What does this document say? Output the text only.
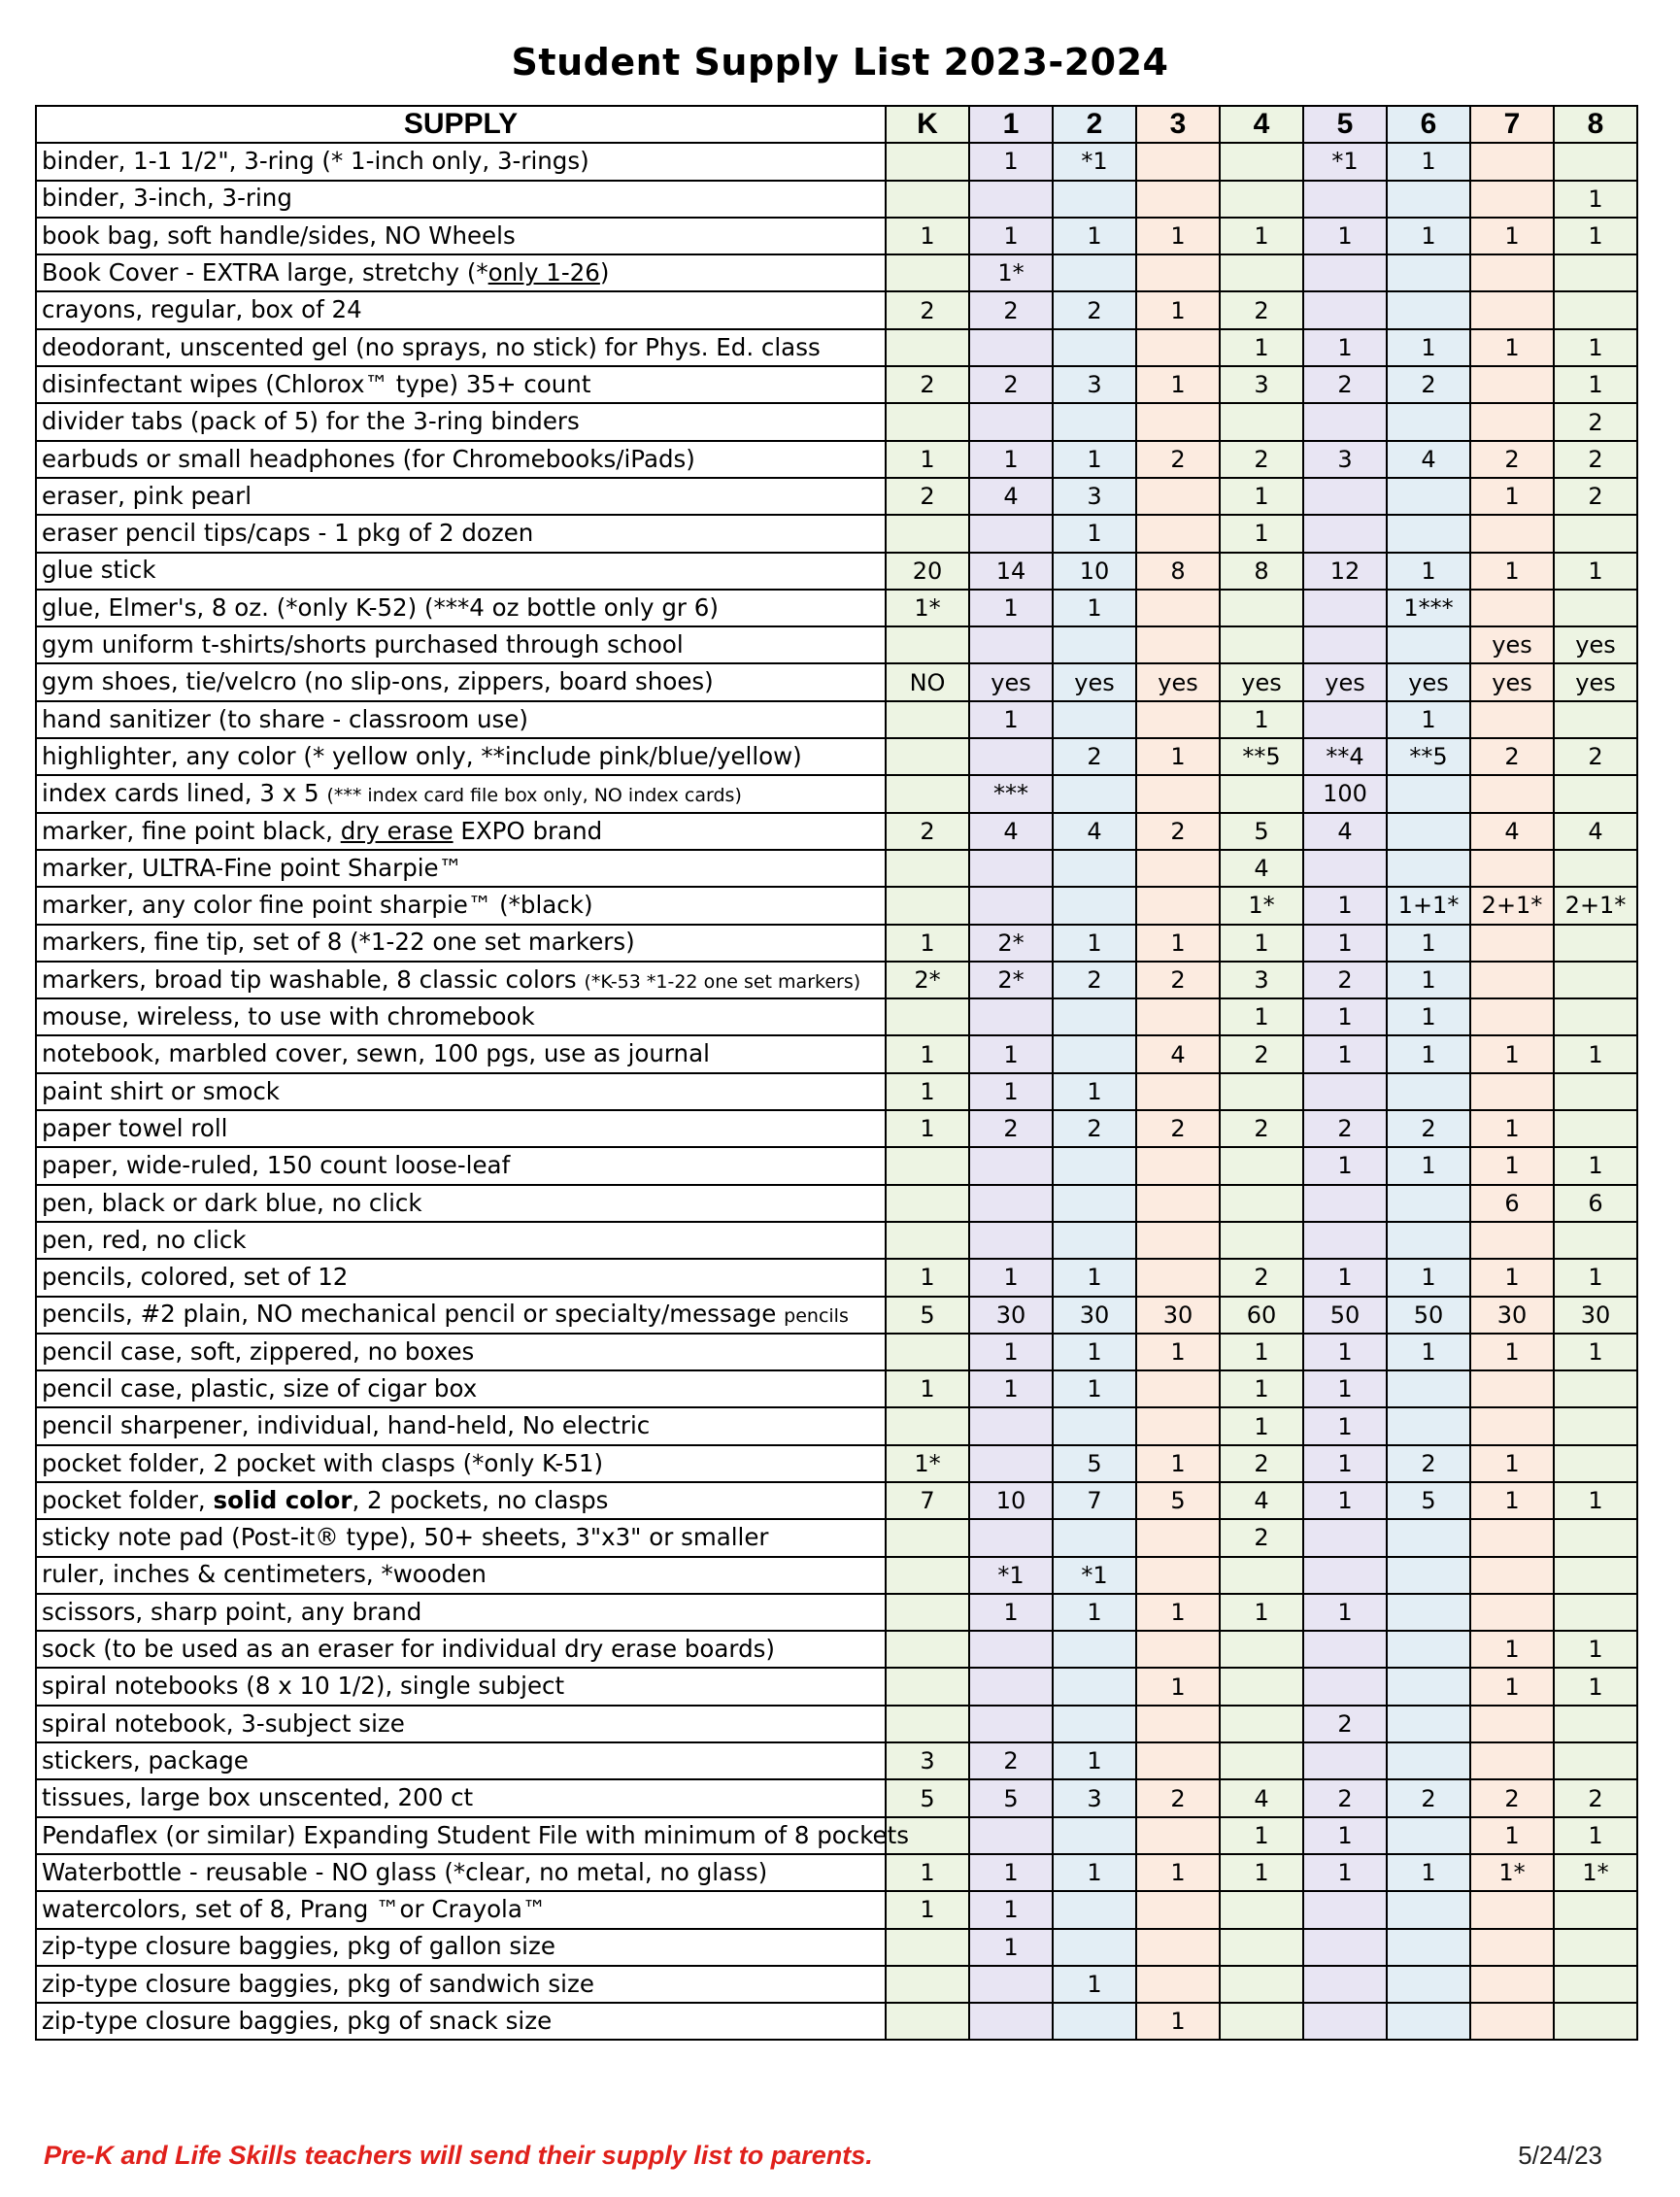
Student Supply List 2023-2024
SUPPLY	K	1	2	3	4	5	6	7	8
binder, 1-1 1/2", 3-ring (* 1-inch only, 3-rings)		1	*1			*1	1		
binder, 3-inch, 3-ring									1
book bag, soft handle/sides, NO Wheels	1	1	1	1	1	1	1	1	1
Book Cover - EXTRA large, stretchy (*only 1-26)		1*							
crayons, regular, box of 24	2	2	2	1	2				
deodorant, unscented gel (no sprays, no stick) for Phys. Ed. class					1	1	1	1	1
disinfectant wipes (Chlorox™ type) 35+ count	2	2	3	1	3	2	2		1
divider tabs (pack of 5) for the 3-ring binders									2
earbuds or small headphones (for Chromebooks/iPads)	1	1	1	2	2	3	4	2	2
eraser, pink pearl	2	4	3		1			1	2
eraser pencil tips/caps - 1 pkg of 2 dozen			1		1				
glue stick	20	14	10	8	8	12	1	1	1
glue, Elmer's, 8 oz. (*only K-52) (***4 oz bottle only gr 6)	1*	1	1				1***		
gym uniform t-shirts/shorts purchased through school								yes	yes
gym shoes, tie/velcro (no slip-ons, zippers, board shoes)	NO	yes	yes	yes	yes	yes	yes	yes	yes
hand sanitizer (to share - classroom use)		1			1		1		
highlighter, any color (* yellow only, **include pink/blue/yellow)			2	1	**5	**4	**5	2	2
index cards lined, 3 x 5 (*** index card file box only, NO index cards)		***				100			
marker, fine point black, dry erase EXPO brand	2	4	4	2	5	4		4	4
marker, ULTRA-Fine point Sharpie™					4				
marker, any color fine point sharpie™ (*black)					1*	1	1+1*	2+1*	2+1*
markers, fine tip, set of 8 (*1-22 one set markers)	1	2*	1	1	1	1	1		
markers, broad tip washable, 8 classic colors (*K-53 *1-22 one set markers)	2*	2*	2	2	3	2	1		
mouse, wireless, to use with chromebook					1	1	1		
notebook, marbled cover, sewn, 100 pgs, use as journal	1	1		4	2	1	1	1	1
paint shirt or smock	1	1	1						
paper towel roll	1	2	2	2	2	2	2	1	
paper, wide-ruled, 150 count loose-leaf						1	1	1	1
pen, black or dark blue, no click								6	6
pen, red, no click									
pencils, colored, set of 12	1	1	1		2	1	1	1	1
pencils, #2 plain, NO mechanical pencil or specialty/message pencils	5	30	30	30	60	50	50	30	30
pencil case, soft, zippered, no boxes		1	1	1	1	1	1	1	1
pencil case, plastic, size of cigar box	1	1	1		1	1			
pencil sharpener, individual, hand-held, No electric					1	1			
pocket folder, 2 pocket with clasps (*only K-51)	1*		5	1	2	1	2	1	
pocket folder, solid color, 2 pockets, no clasps	7	10	7	5	4	1	5	1	1
sticky note pad (Post-it® type), 50+ sheets, 3"x3" or smaller					2				
ruler, inches & centimeters, *wooden		*1	*1						
scissors, sharp point, any brand		1	1	1	1	1			
sock (to be used as an eraser for individual dry erase boards)								1	1
spiral notebooks (8 x 10 1/2), single subject				1				1	1
spiral notebook, 3-subject size						2			
stickers, package	3	2	1						
tissues, large box unscented, 200 ct	5	5	3	2	4	2	2	2	2
Pendaflex (or similar) Expanding Student File with minimum of 8 pockets					1	1		1	1
Waterbottle - reusable - NO glass (*clear, no metal, no glass)	1	1	1	1	1	1	1	1*	1*
watercolors, set of 8, Prang ™or Crayola™	1	1							
zip-type closure baggies, pkg of gallon size		1							
zip-type closure baggies, pkg of sandwich size			1						
zip-type closure baggies, pkg of snack size				1					
Pre-K and Life Skills teachers will send their supply list to parents.	5/24/23
